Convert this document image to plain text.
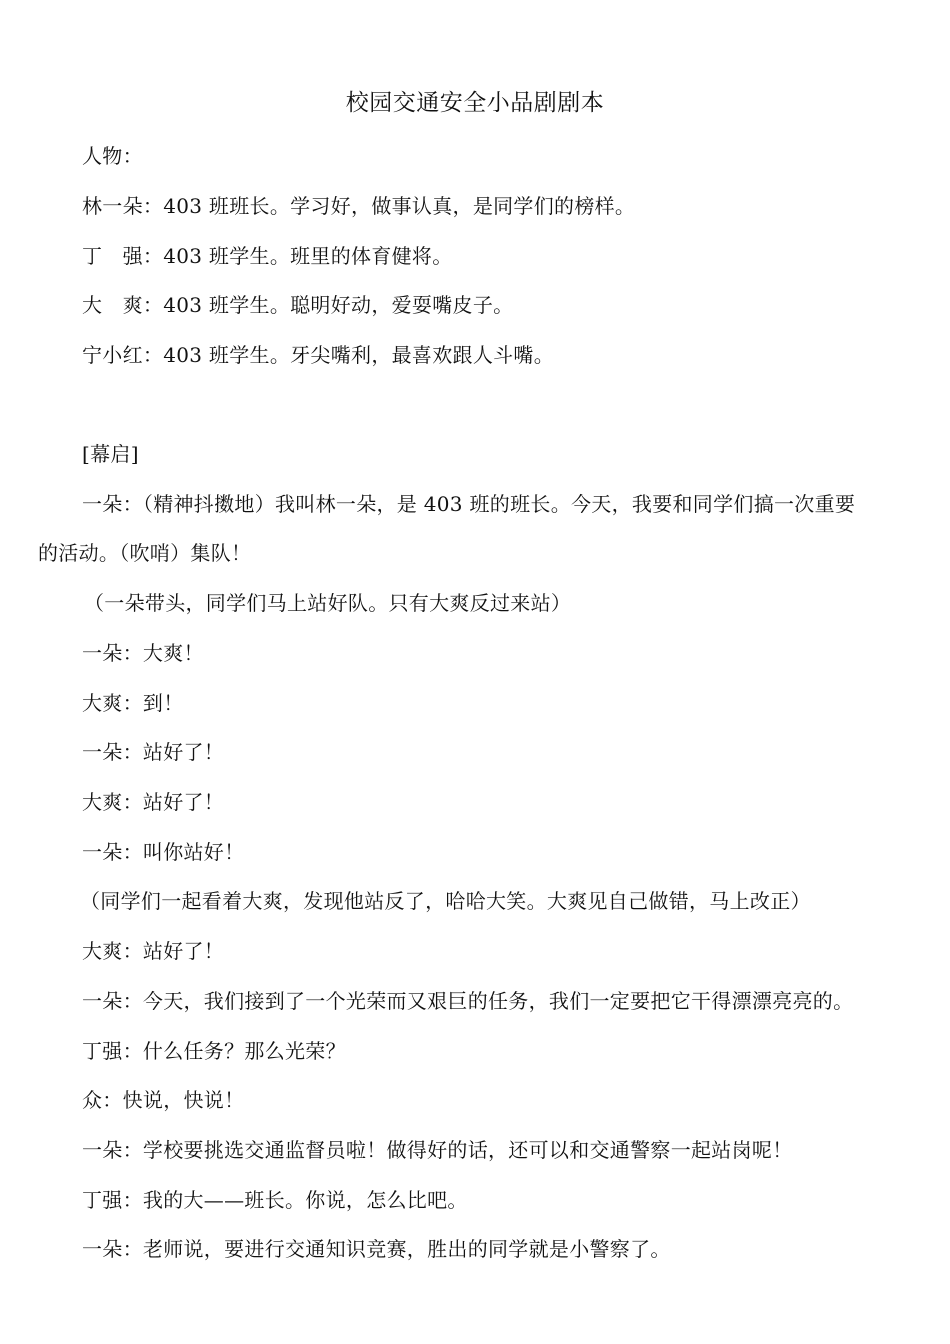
校园交通安全小品剧剧本
人物：
林一朵：403 班班长。学习好，做事认真，是同学们的榜样。
丁　强：403 班学生。班里的体育健将。
大　爽：403 班学生。聪明好动，爱耍嘴皮子。
宁小红：403 班学生。牙尖嘴利，最喜欢跟人斗嘴。
[幕启]
一朵：（精神抖擞地）我叫林一朵，是 403 班的班长。今天，我要和同学们搞一次重要
的活动。（吹哨）集队！
（一朵带头，同学们马上站好队。只有大爽反过来站）
一朵：大爽！
大爽：到！
一朵：站好了！
大爽：站好了！
一朵：叫你站好！
（同学们一起看着大爽，发现他站反了，哈哈大笑。大爽见自己做错，马上改正）
大爽：站好了！
一朵：今天，我们接到了一个光荣而又艰巨的任务，我们一定要把它干得漂漂亮亮的。
丁强：什么任务？那么光荣？
众：快说，快说！
一朵：学校要挑选交通监督员啦！做得好的话，还可以和交通警察一起站岗呢！
丁强：我的大——班长。你说，怎么比吧。
一朵：老师说，要进行交通知识竞赛，胜出的同学就是小警察了。
